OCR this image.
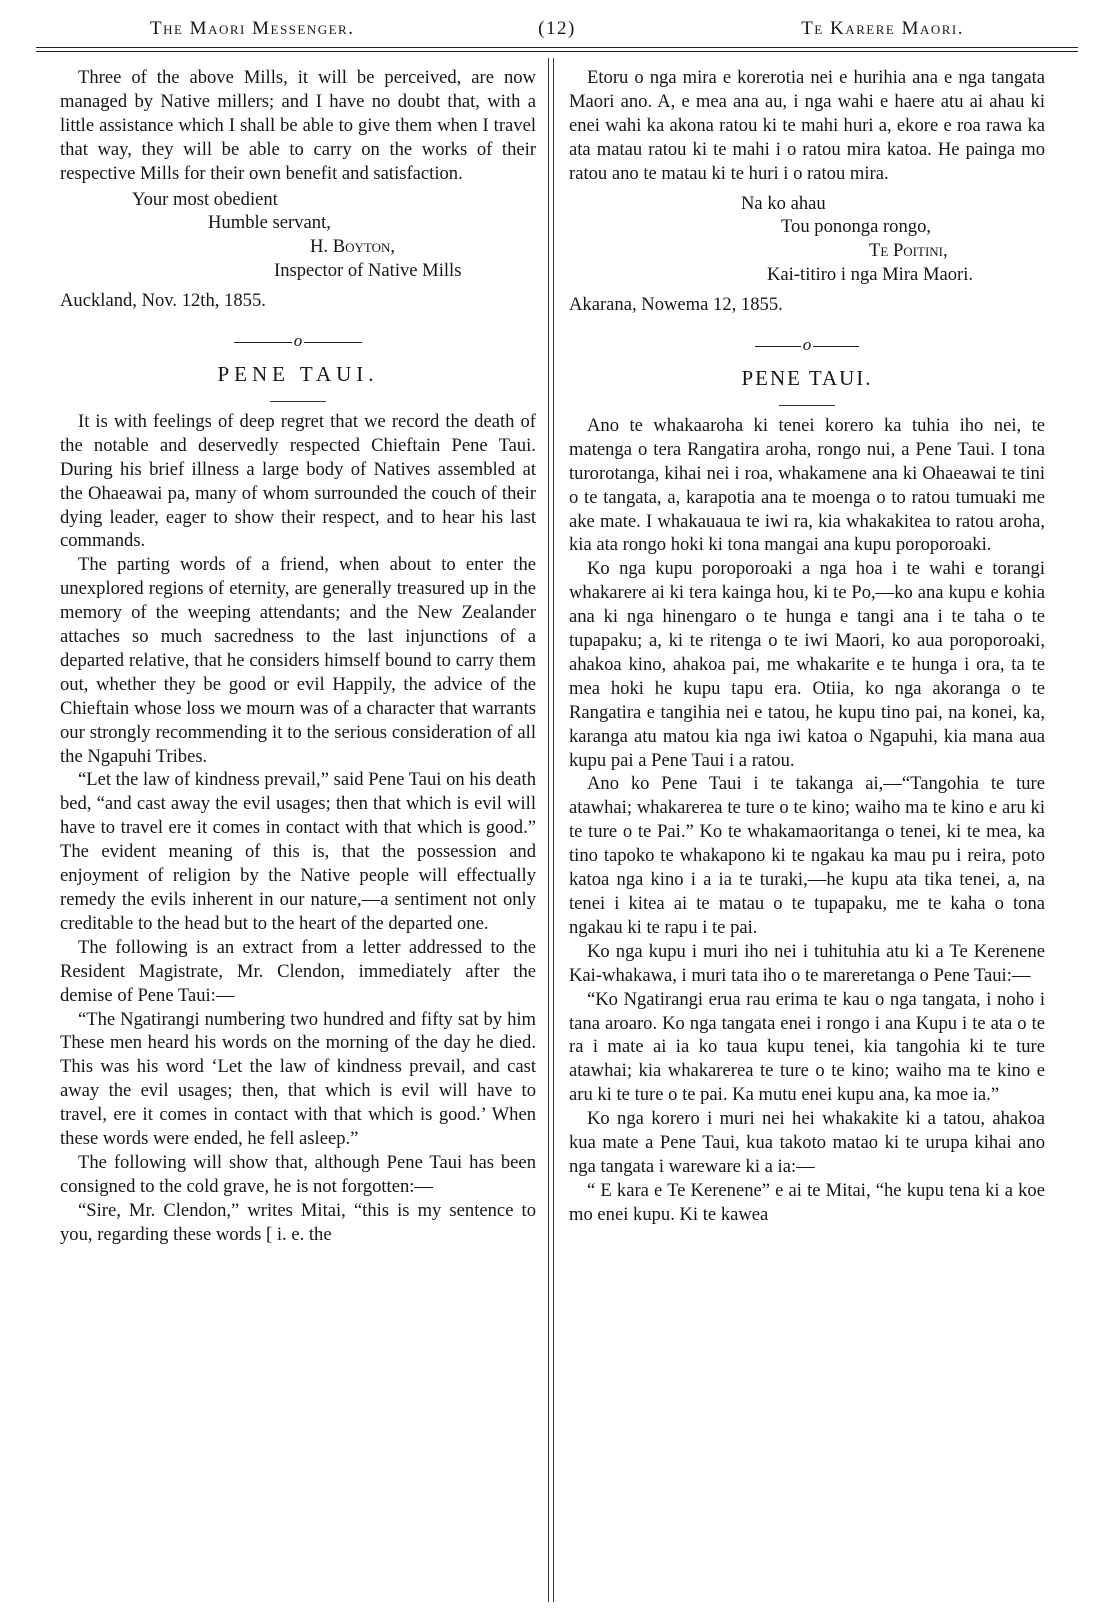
The Maori Messenger.	(12)	Te Karere Maori.

Three of the above Mills, it will be perceived, are now managed by Native millers; and I have no doubt that, with a little assistance which I shall be able to give them when I travel that way, they will be able to carry on the works of their respective Mills for their own benefit and satisfaction.

Your most obedient
Humble servant,
H. Boyton,
Inspector of Native Mills
Auckland, Nov. 12th, 1855.
o
PENE TAUI.

It is with feelings of deep regret that we record the death of the notable and deservedly respected Chieftain Pene Taui. During his brief illness a large body of Natives assembled at the Ohaeawai pa, many of whom surrounded the couch of their dying leader, eager to show their respect, and to hear his last commands.

The parting words of a friend, when about to enter the unexplored regions of eternity, are generally treasured up in the memory of the weeping attendants; and the New Zealander attaches so much sacredness to the last injunctions of a departed relative, that he considers himself bound to carry them out, whether they be good or evil Happily, the advice of the Chieftain whose loss we mourn was of a character that warrants our strongly recommending it to the serious consideration of all the Ngapuhi Tribes.

“Let the law of kindness prevail,” said Pene Taui on his death bed, “and cast away the evil usages; then that which is evil will have to travel ere it comes in contact with that which is good.” The evident meaning of this is, that the possession and enjoyment of religion by the Native people will effectually remedy the evils inherent in our nature,—a sentiment not only creditable to the head but to the heart of the departed one.

The following is an extract from a letter addressed to the Resident Magistrate, Mr. Clendon, immediately after the demise of Pene Taui:—

“The Ngatirangi numbering two hundred and fifty sat by him These men heard his words on the morning of the day he died. This was his word ‘Let the law of kindness prevail, and cast away the evil usages; then, that which is evil will have to travel, ere it comes in contact with that which is good.’ When these words were ended, he fell asleep.”

The following will show that, although Pene Taui has been consigned to the cold grave, he is not forgotten:—

“Sire, Mr. Clendon,” writes Mitai, “this is my sentence to you, regarding these words [ i. e. the

Etoru o nga mira e korerotia nei e hurihia ana e nga tangata Maori ano. A, e mea ana au, i nga wahi e haere atu ai ahau ki enei wahi ka akona ratou ki te mahi huri a, ekore e roa rawa ka ata matau ratou ki te mahi i o ratou mira katoa. He painga mo ratou ano te matau ki te huri i o ratou mira.

Na ko ahau
Tou pononga rongo,
Te Poitini,
Kai-titiro i nga Mira Maori.
Akarana, Nowema 12, 1855.
o
PENE TAUI.

Ano te whakaaroha ki tenei korero ka tuhia iho nei, te matenga o tera Rangatira aroha, rongo nui, a Pene Taui. I tona turorotanga, kihai nei i roa, whakamene ana ki Ohaeawai te tini o te tangata, a, karapotia ana te moenga o to ratou tumuaki me ake mate. I whakauaua te iwi ra, kia whakakitea to ratou aroha, kia ata rongo hoki ki tona mangai ana kupu poroporoaki.

Ko nga kupu poroporoaki a nga hoa i te wahi e torangi whakarere ai ki tera kainga hou, ki te Po,—ko ana kupu e kohia ana ki nga hinengaro o te hunga e tangi ana i te taha o te tupapaku; a, ki te ritenga o te iwi Maori, ko aua poroporoaki, ahakoa kino, ahakoa pai, me whakarite e te hunga i ora, ta te mea hoki he kupu tapu era. Otiia, ko nga akoranga o te Rangatira e tangihia nei e tatou, he kupu tino pai, na konei, ka, karanga atu matou kia nga iwi katoa o Ngapuhi, kia mana aua kupu pai a Pene Taui i a ratou.

Ano ko Pene Taui i te takanga ai,—“Tangohia te ture atawhai; whakarerea te ture o te kino; waiho ma te kino e aru ki te ture o te Pai.” Ko te whakamaoritanga o tenei, ki te mea, ka tino tapoko te whakapono ki te ngakau ka mau pu i reira, poto katoa nga kino i a ia te turaki,—he kupu ata tika tenei, a, na tenei i kitea ai te matau o te tupapaku, me te kaha o tona ngakau ki te rapu i te pai.

Ko nga kupu i muri iho nei i tuhituhia atu ki a Te Kerenene Kai-whakawa, i muri tata iho o te mareretanga o Pene Taui:—

“Ko Ngatirangi erua rau erima te kau o nga tangata, i noho i tana aroaro. Ko nga tangata enei i rongo i ana Kupu i te ata o te ra i mate ai ia ko taua kupu tenei, kia tangohia ki te ture atawhai; kia whakarerea te ture o te kino; waiho ma te kino e aru ki te ture o te pai. Ka mutu enei kupu ana, ka moe ia.”

Ko nga korero i muri nei hei whakakite ki a tatou, ahakoa kua mate a Pene Taui, kua takoto matao ki te urupa kihai ano nga tangata i wareware ki a ia:—

“ E kara e Te Kerenene” e ai te Mitai, “he kupu tena ki a koe mo enei kupu. Ki te kawea
